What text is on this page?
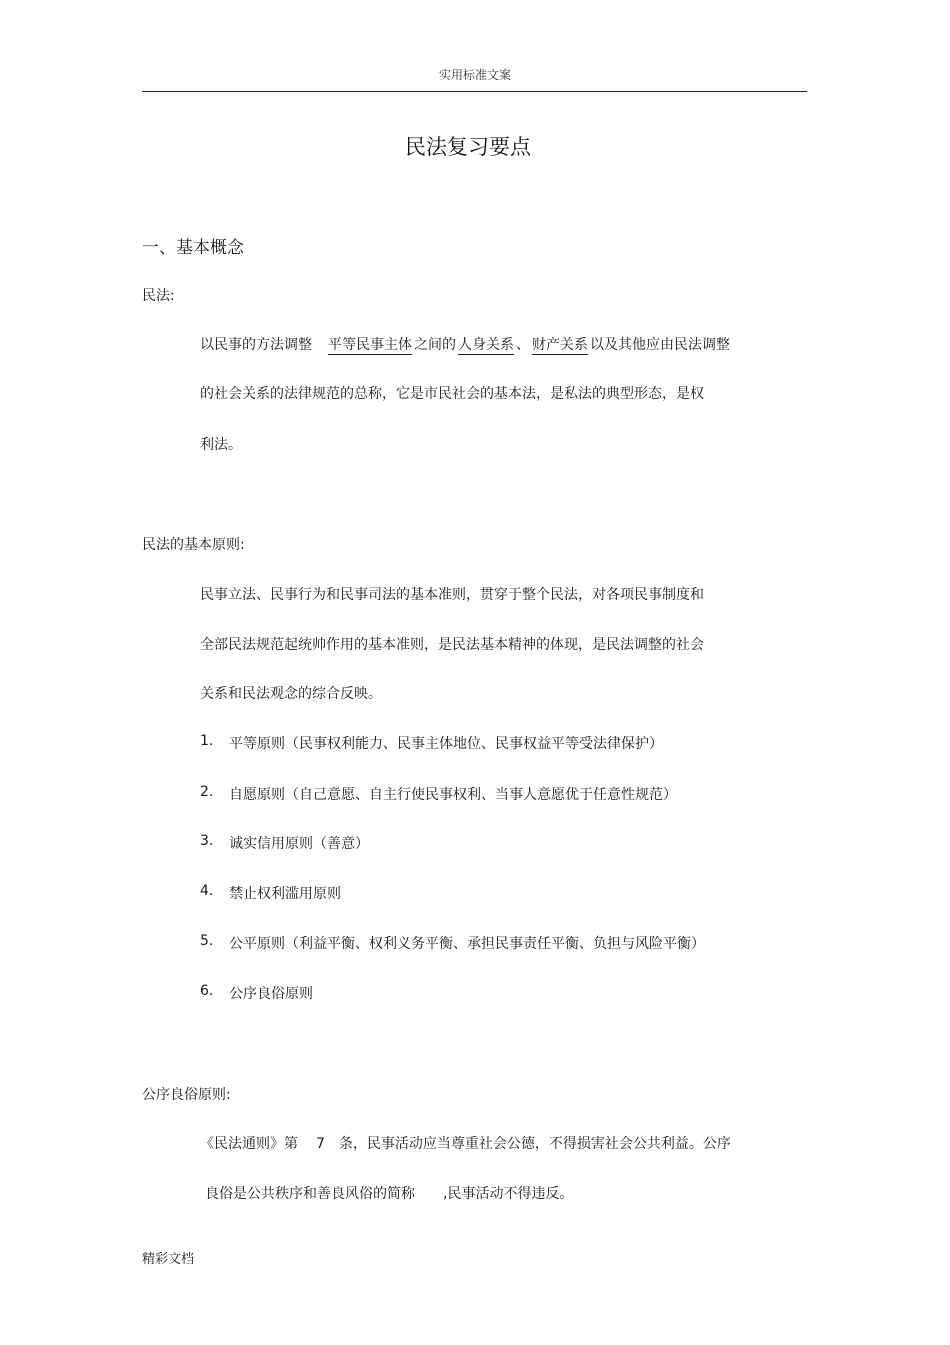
实用标准文案
民法复习要点
一、基本概念
民法:
以民事的方法调整 平等民事主体 之间的 人身关系 、 财产关系 以及其他应由民法调整
的社会关系的法律规范的总称，它是市民社会的基本法，是私法的典型形态，是权
利法。
民法的基本原则:
民事立法、民事行为和民事司法的基本准则，贯穿于整个民法，对各项民事制度和
全部民法规范起统帅作用的基本准则，是民法基本精神的体现，是民法调整的社会
关系和民法观念的综合反映。
1. 平等原则（民事权利能力、民事主体地位、民事权益平等受法律保护）
2. 自愿原则（自己意愿、自主行使民事权利、当事人意愿优于任意性规范）
3. 诚实信用原则（善意）
4. 禁止权利滥用原则
5. 公平原则（利益平衡、权利义务平衡、承担民事责任平衡、负担与风险平衡）
6. 公序良俗原则
公序良俗原则:
《民法通则》第 7 条，民事活动应当尊重社会公德，不得损害社会公共利益。公序
良俗是公共秩序和善良风俗的简称 ,民事活动不得违反。
精彩文档
